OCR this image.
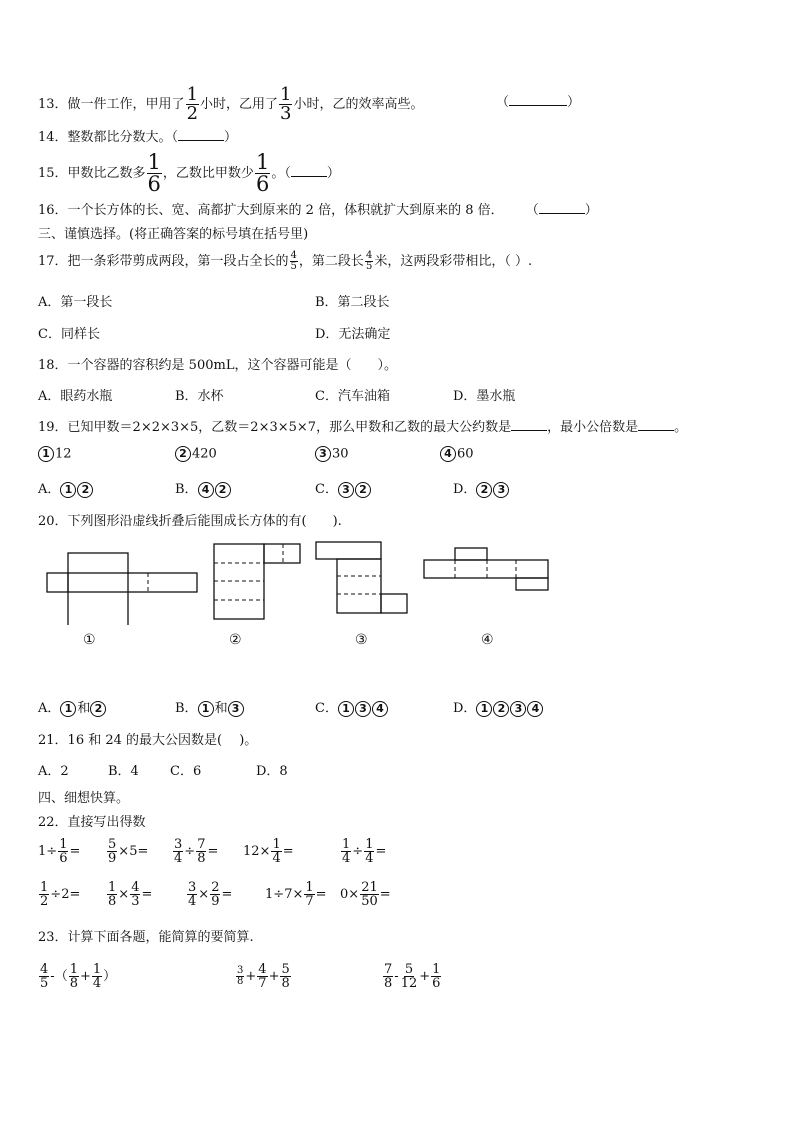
13．做一件工作，甲用了 $\frac{1}{2}$ 小时，乙用了 $\frac{1}{3}$ 小时，乙的效率高些。	（	）
14．整数都比分数大。（	）
15．甲数比乙数多 $\frac{1}{6}$ ，乙数比甲数少 $\frac{1}{6}$ 。（	）
16．一个长方体的长、宽、高都扩大到原来的 2 倍，体积就扩大到原来的 8 倍． （	）
三、谨慎选择。(将正确答案的标号填在括号里)
17．把一条彩带剪成两段，第一段占全长的 $\frac{4}{5}$ ，第二段长 $\frac{4}{5}$ 米，这两段彩带相比，（ ）.
A．第一段长	B．第二段长
C．同样长	D．无法确定
18．一个容器的容积约是 500mL，这个容器可能是（　　）。
A．眼药水瓶	B．水杯	C．汽车油箱	D．墨水瓶
19．已知甲数＝2×2×3×5，乙数＝2×3×5×7，那么甲数和乙数的最大公约数是	，最小公倍数是	。
1 12	2 420	3 30	4 60
A． 1 2	B． 4 2	C． 3 2	D． 2 3
20．下列图形沿虚线折叠后能围成长方体的有(　　).
①	②	③	④
A． 1 和 2	B． 1 和 3	C． 1 3 4	D． 1 2 3 4
21．16 和 24 的最大公因数是(　 )。
A．2	B．4 C．6	D．8
四、细想快算。
22．直接写出得数
$1\div \frac{1}{6} = \frac{5}{9} \times 5= \frac{3}{4} \div \frac{7}{8} = 12\times \frac{1}{4}$ =	$\frac{1}{4} \div \frac{1}{4}$ =
$\frac{1}{2} \div 2= \frac{1}{8} \times \frac{4}{3}$ =	$\frac{3}{4} \times \frac{2}{9}$ =	$1\div 7\times \frac{1}{7} = 0\times \frac{21}{50}$ =
23．计算下面各题，能简算的要简算.
$\frac{4}{5}$ -（ $\frac{1}{8} + \frac{1}{4}$ ）	$\frac{3}{8} + \frac{4}{7} + \frac{5}{8}$	$\frac{7}{8} - \frac{5}{12} + \frac{1}{6}$
